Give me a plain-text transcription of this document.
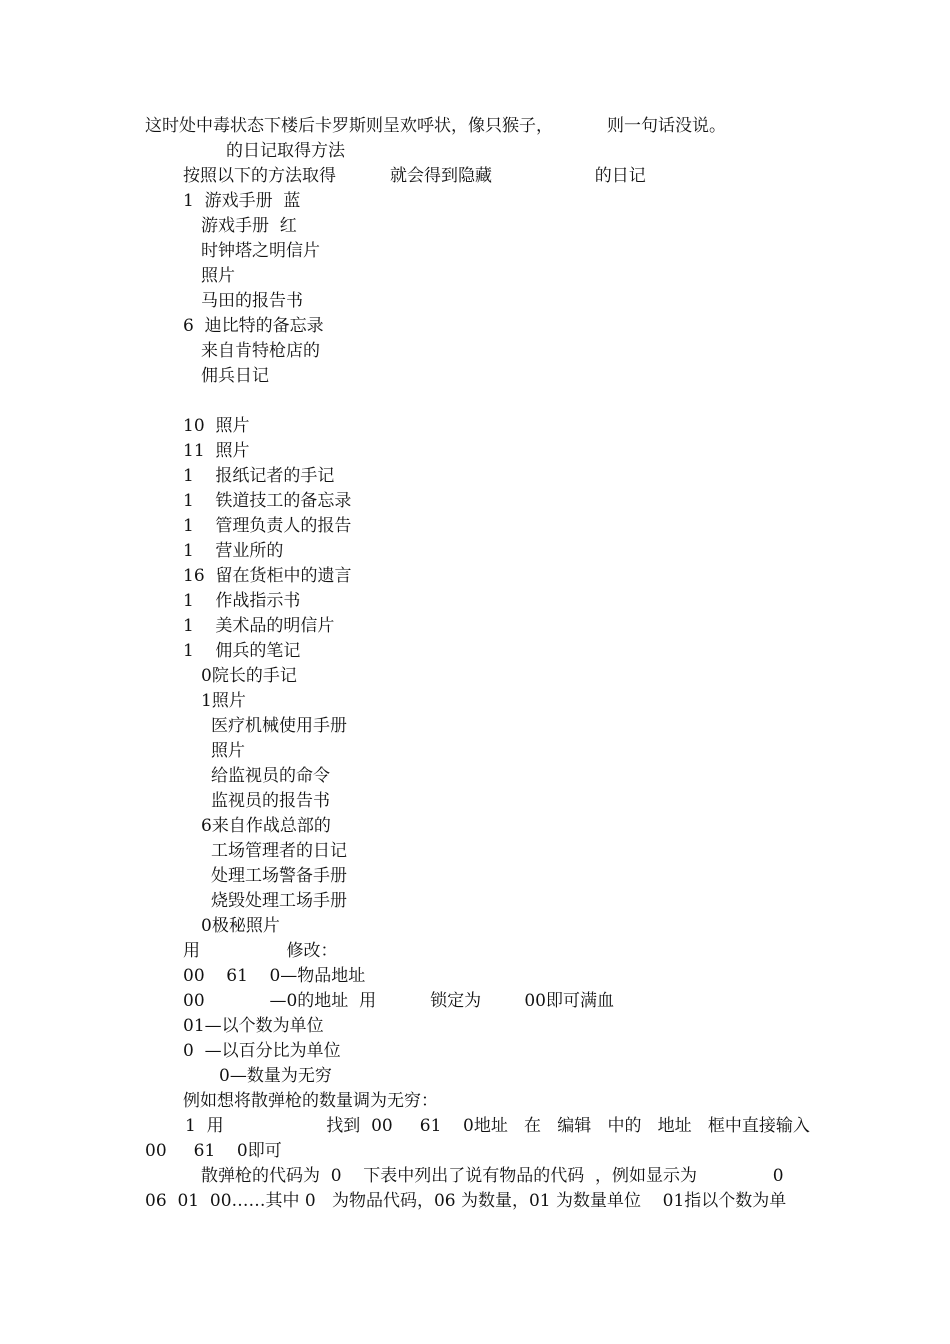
这时处中毒状态下楼后卡罗斯则呈欢呼状，像只猴子，          则一句话没说。
的日记取得方法
按照以下的方法取得          就会得到隐藏                   的日记
1  游戏手册  蓝
游戏手册  红
时钟塔之明信片
照片
马田的报告书
6  迪比特的备忘录
来自肯特枪店的
佣兵日记
10  照片
11  照片
1    报纸记者的手记
1    铁道技工的备忘录
1    管理负责人的报告
1    营业所的
16  留在货柜中的遗言
1    作战指示书
1    美术品的明信片
1    佣兵的笔记
0院长的手记
1照片
医疗机械使用手册
照片
给监视员的命令
监视员的报告书
6来自作战总部的
工场管理者的日记
处理工场警备手册
烧毁处理工场手册
0极秘照片
用                修改：
00    61    0—物品地址
00            —0的地址  用          锁定为        00即可满血
01—以个数为单位
0  —以百分比为单位
0—数量为无穷
例如想将散弹枪的数量调为无穷：
1  用                   找到  00     61    0地址   在   编辑   中的   地址   框中直接输入
00     61    0即可
散弹枪的代码为  0    下表中列出了说有物品的代码  ，例如显示为              0
06  01  00……其中 0   为物品代码，06 为数量，01 为数量单位    01指以个数为单
